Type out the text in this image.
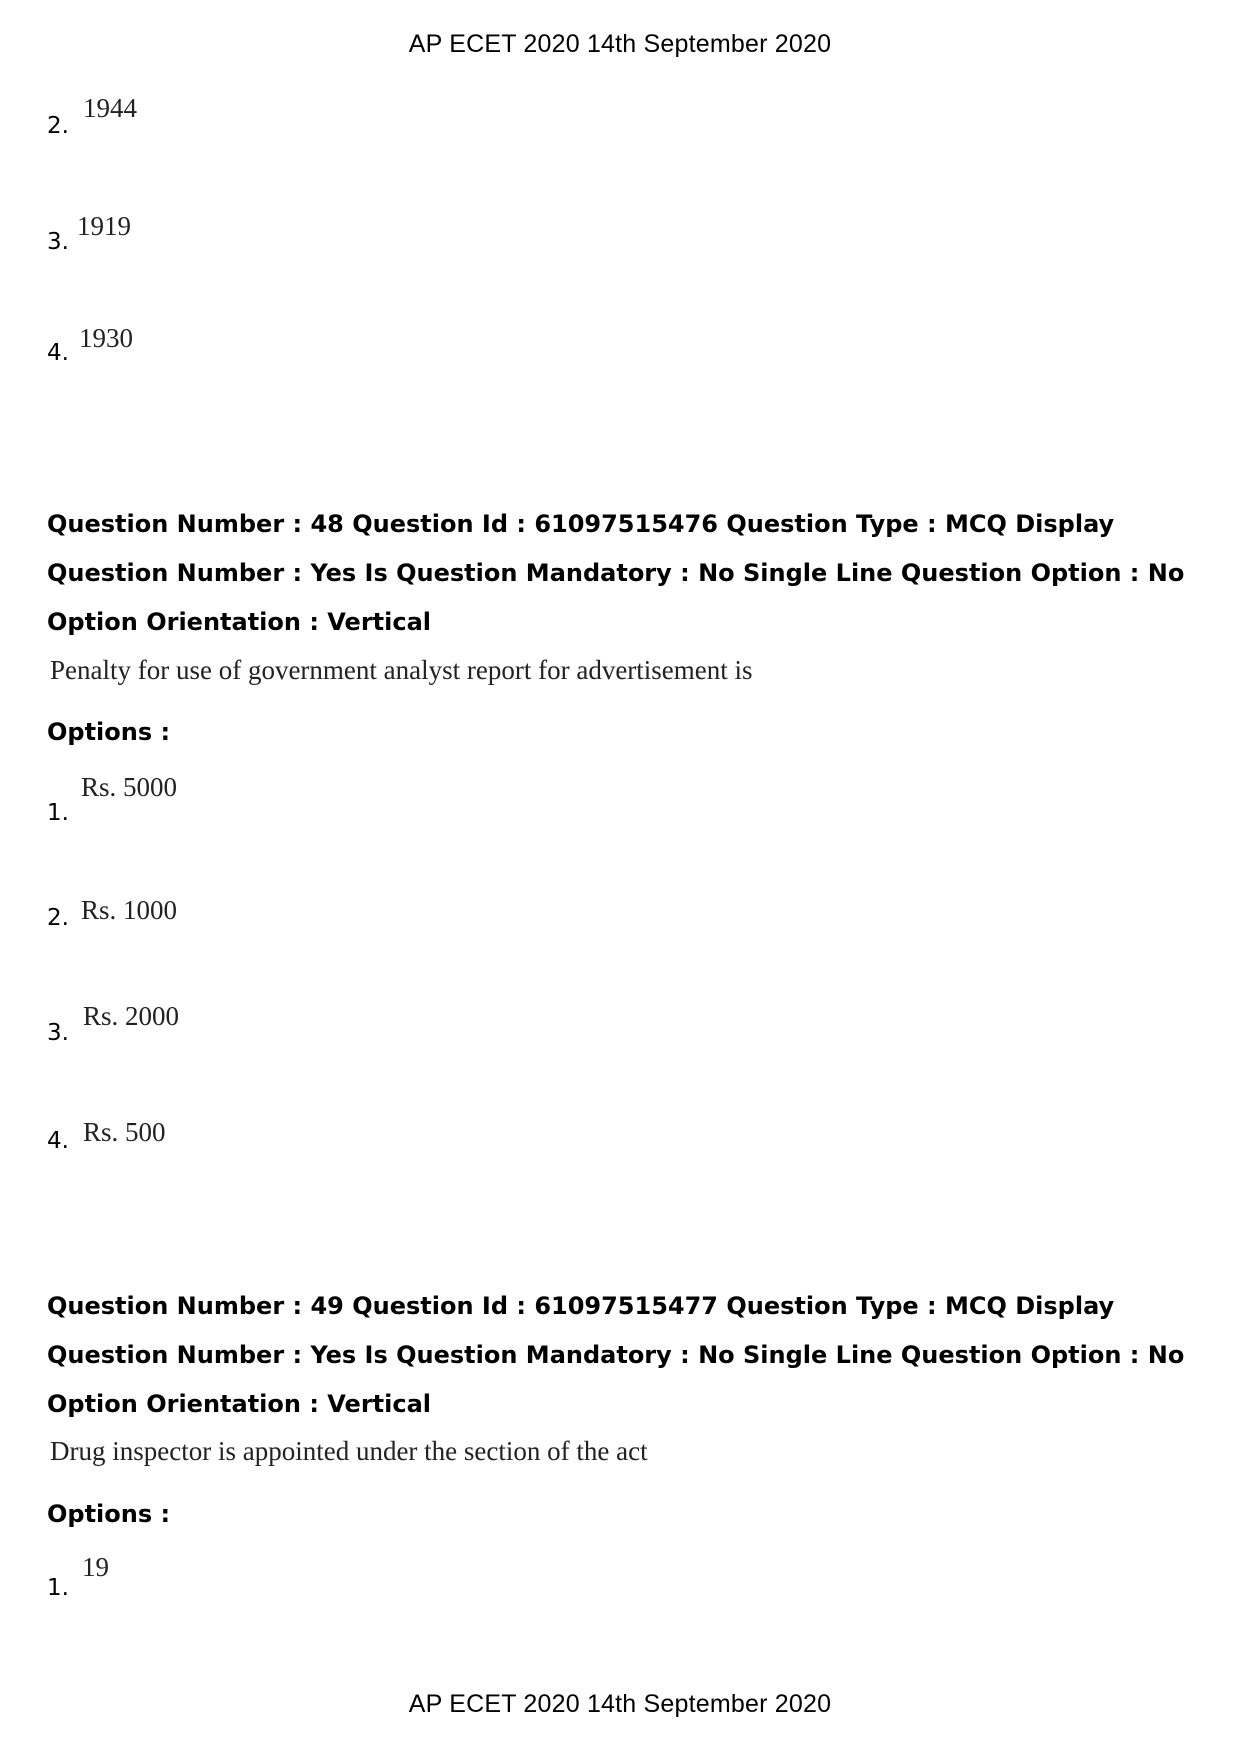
AP ECET 2020 14th September 2020
2.
1944
3.
1919
4. 1930
Question Number : 48 Question Id : 61097515476 Question Type : MCQ Display Question Number : Yes Is Question Mandatory : No Single Line Question Option : No Option Orientation : Vertical
Penalty for use of government analyst report for advertisement is
Options :
1.
Rs. 5000
2. Rs. 1000
3.
Rs. 2000
4. Rs. 500
Question Number : 49 Question Id : 61097515477 Question Type : MCQ Display Question Number : Yes Is Question Mandatory : No Single Line Question Option : No Option Orientation : Vertical
Drug inspector is appointed under the section of the act
Options :
1.
19
AP ECET 2020 14th September 2020
